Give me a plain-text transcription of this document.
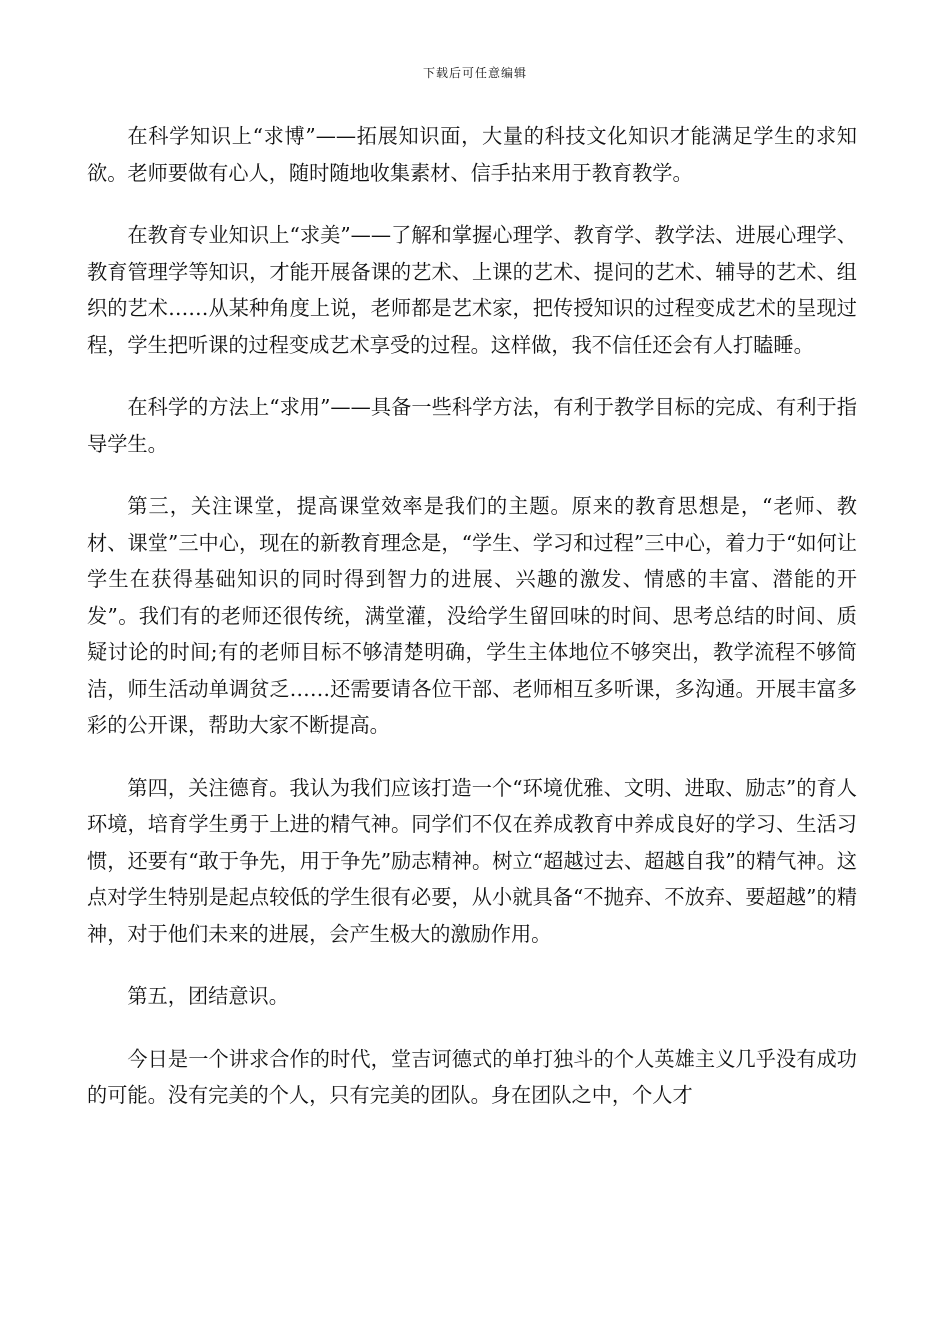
下载后可任意编辑

在科学知识上“求博”——拓展知识面，大量的科技文化知识才能满足学生的求知欲。老师要做有心人，随时随地收集素材、信手拈来用于教育教学。

在教育专业知识上“求美”——了解和掌握心理学、教育学、教学法、进展心理学、教育管理学等知识，才能开展备课的艺术、上课的艺术、提问的艺术、辅导的艺术、组织的艺术……从某种角度上说，老师都是艺术家，把传授知识的过程变成艺术的呈现过程，学生把听课的过程变成艺术享受的过程。这样做，我不信任还会有人打瞌睡。

在科学的方法上“求用”——具备一些科学方法，有利于教学目标的完成、有利于指导学生。

第三，关注课堂，提高课堂效率是我们的主题。原来的教育思想是，“老师、教材、课堂”三中心，现在的新教育理念是，“学生、学习和过程”三中心，着力于“如何让学生在获得基础知识的同时得到智力的进展、兴趣的激发、情感的丰富、潜能的开发”。我们有的老师还很传统，满堂灌，没给学生留回味的时间、思考总结的时间、质疑讨论的时间;有的老师目标不够清楚明确，学生主体地位不够突出，教学流程不够简洁，师生活动单调贫乏……还需要请各位干部、老师相互多听课，多沟通。开展丰富多彩的公开课，帮助大家不断提高。

第四，关注德育。我认为我们应该打造一个“环境优雅、文明、进取、励志”的育人环境，培育学生勇于上进的精气神。同学们不仅在养成教育中养成良好的学习、生活习惯，还要有“敢于争先，用于争先”励志精神。树立“超越过去、超越自我”的精气神。这点对学生特别是起点较低的学生很有必要，从小就具备“不抛弃、不放弃、要超越”的精神，对于他们未来的进展，会产生极大的激励作用。

第五，团结意识。

今日是一个讲求合作的时代，堂吉诃德式的单打独斗的个人英雄主义几乎没有成功的可能。没有完美的个人，只有完美的团队。身在团队之中，个人才
